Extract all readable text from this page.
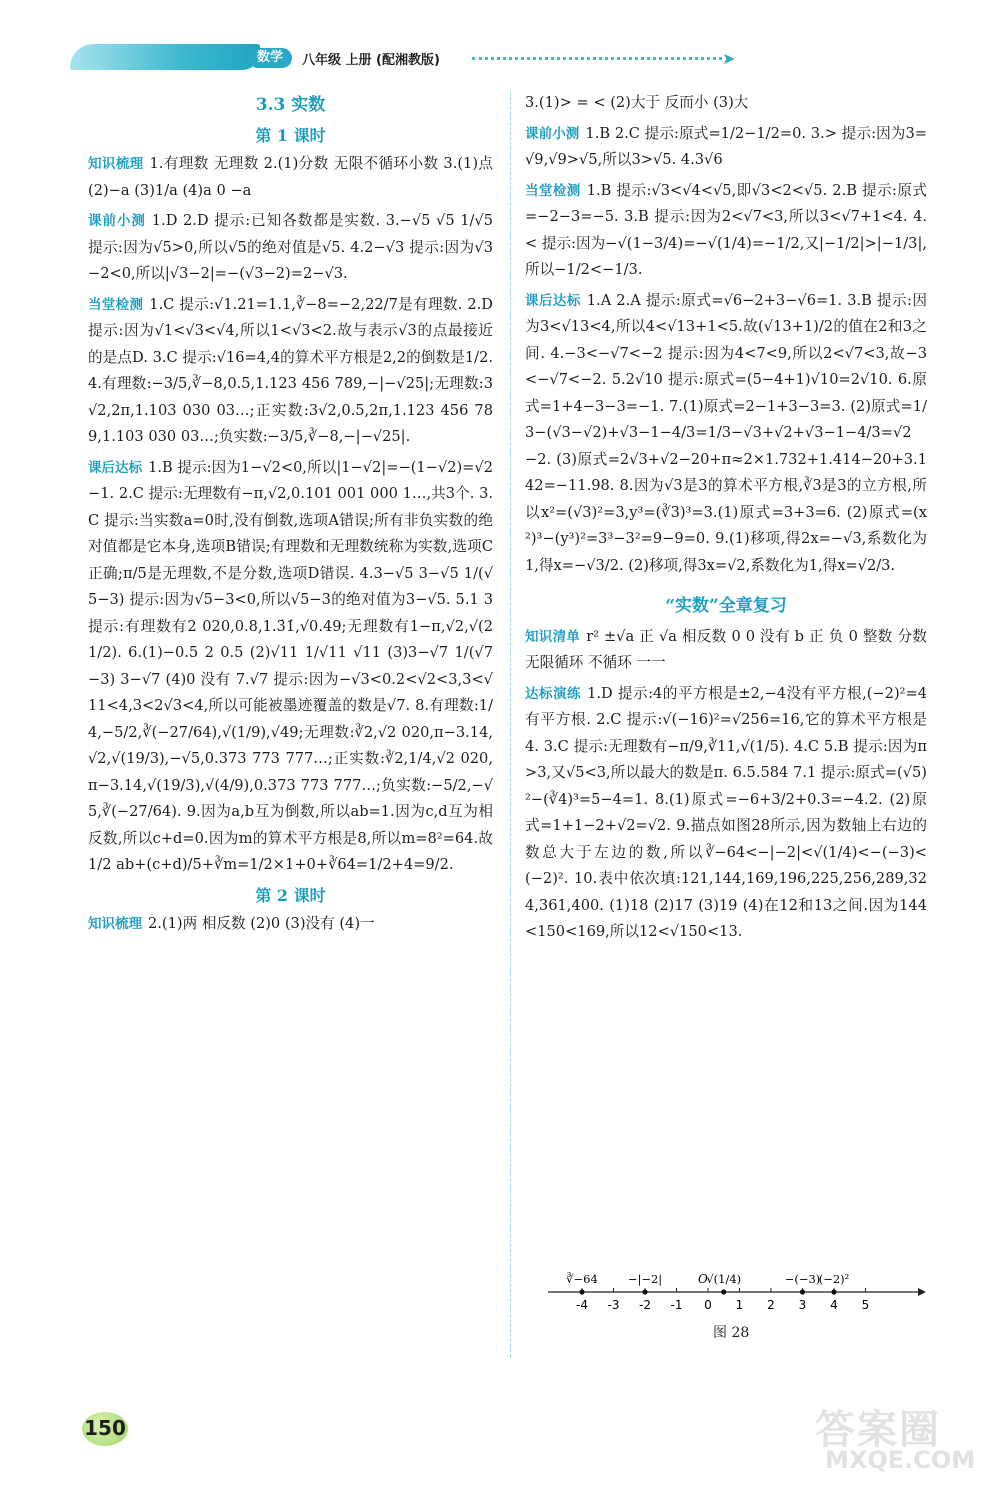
数学	八年级 上册 (配湘教版)	➤
3.3 实数
第 1 课时

知识梳理 1.有理数 无理数 2.(1)分数 无限不循环小数 3.(1)点 (2)−a (3)1/a (4)a 0 −a

课前小测 1.D 2.D 提示:已知各数都是实数. 3.−√5 √5 1/√5 提示:因为√5>0,所以√5的绝对值是√5. 4.2−√3 提示:因为√3−2<0,所以|√3−2|=−(√3−2)=2−√3.

当堂检测 1.C 提示:√1.21=1.1,∛−8=−2,22/7是有理数. 2.D 提示:因为√1<√3<√4,所以1<√3<2.故与表示√3的点最接近的是点D. 3.C 提示:√16=4,4的算术平方根是2,2的倒数是1/2. 4.有理数:−3/5,∛−8,0.5,1.123 456 789,−|−√25|;无理数:3√2,2π,1.103 030 03…;正实数:3√2,0.5,2π,1.123 456 789,1.103 030 03…;负实数:−3/5,∛−8,−|−√25|.

课后达标 1.B 提示:因为1−√2<0,所以|1−√2|=−(1−√2)=√2−1. 2.C 提示:无理数有−π,√2,0.101 001 000 1…,共3个. 3.C 提示:当实数a=0时,没有倒数,选项A错误;所有非负实数的绝对值都是它本身,选项B错误;有理数和无理数统称为实数,选项C正确;π/5是无理数,不是分数,选项D错误. 4.3−√5 3−√5 1/(√5−3) 提示:因为√5−3<0,所以√5−3的绝对值为3−√5. 5.1 3 提示:有理数有2 020,0.8,1.3̇1̇,√0.49;无理数有1−π,√2,√(2 1/2). 6.(1)−0.5 2 0.5 (2)√11 1/√11 √11 (3)3−√7 1/(√7−3) 3−√7 (4)0 没有 7.√7 提示:因为−√3<0.2<√2<3,3<√11<4,3<2√3<4,所以可能被墨迹覆盖的数是√7. 8.有理数:1/4,−5/2,∛(−27/64),√(1/9),√49;无理数:∛2,√2 020,π−3.14,√2,√(19/3),−√5,0.373 773 777…;正实数:∛2,1/4,√2 020,π−3.14,√(19/3),√(4/9),0.373 773 777…;负实数:−5/2,−√5,∛(−27/64). 9.因为a,b互为倒数,所以ab=1.因为c,d互为相反数,所以c+d=0.因为m的算术平方根是8,所以m=8²=64.故1/2 ab+(c+d)/5+∛m=1/2×1+0+∛64=1/2+4=9/2.

第 2 课时

知识梳理 2.(1)两 相反数 (2)0 (3)没有 (4)一

3.(1)> = < (2)大于 反而小 (3)大

课前小测 1.B 2.C 提示:原式=1/2−1/2=0. 3.> 提示:因为3=√9,√9>√5,所以3>√5. 4.3√6

当堂检测 1.B 提示:√3<√4<√5,即√3<2<√5. 2.B 提示:原式=−2−3=−5. 3.B 提示:因为2<√7<3,所以3<√7+1<4. 4.< 提示:因为−√(1−3/4)=−√(1/4)=−1/2,又|−1/2|>|−1/3|,所以−1/2<−1/3.

课后达标 1.A 2.A 提示:原式=√6−2+3−√6=1. 3.B 提示:因为3<√13<4,所以4<√13+1<5.故(√13+1)/2的值在2和3之间. 4.−3<−√7<−2 提示:因为4<7<9,所以2<√7<3,故−3<−√7<−2. 5.2√10 提示:原式=(5−4+1)√10=2√10. 6.原式=1+4−3−3=−1. 7.(1)原式=2−1+3−3=3. (2)原式=1/3−(√3−√2)+√3−1−4/3=1/3−√3+√2+√3−1−4/3=√2−2. (3)原式=2√3+√2−20+π≈2×1.732+1.414−20+3.142=−11.98. 8.因为√3是3的算术平方根,∛3是3的立方根,所以x²=(√3)²=3,y³=(∛3)³=3.(1)原式=3+3=6. (2)原式=(x²)³−(y³)²=3³−3²=9−9=0. 9.(1)移项,得2x=−√3,系数化为1,得x=−√3/2. (2)移项,得3x=√2,系数化为1,得x=√2/3.

“实数”全章复习

知识清单 r² ±√a 正 √a 相反数 0 0 没有 b 正 负 0 整数 分数 无限循环 不循环 一一

达标演练 1.D 提示:4的平方根是±2,−4没有平方根,(−2)²=4有平方根. 2.C 提示:√(−16)²=√256=16,它的算术平方根是4. 3.C 提示:无理数有−π/9,∛11,√(1/5). 4.C 5.B 提示:因为π>3,又√5<3,所以最大的数是π. 6.5.584 7.1 提示:原式=(√5)²−(∛4)³=5−4=1. 8.(1)原式=−6+3/2+0.3=−4.2. (2)原式=1+1−2+√2=√2. 9.描点如图28所示,因为数轴上右边的数总大于左边的数,所以∛−64<−|−2|<√(1/4)<−(−3)<(−2)². 10.表中依次填:121,144,169,196,225,256,289,324,361,400. (1)18 (2)17 (3)19 (4)在12和13之间.因为144<150<169,所以12<√150<13.

-4 -3 -2 -1 0 1 2 3 4 5
∛−64	−|−2|	√(1/4)	−(−3)
(−2)²
O
图 28
150	答案圈
MXQE.COM
